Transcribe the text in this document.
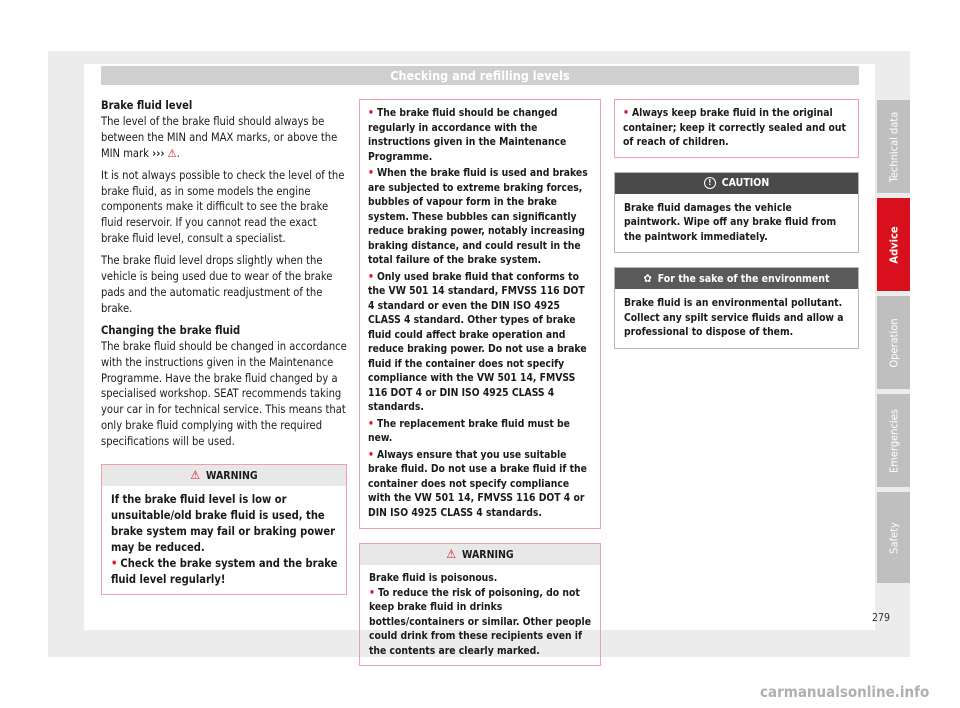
Checking and refilling levels
Brake fluid level

The level of the brake fluid should always be between the MIN and MAX marks, or above the MIN mark ››› ⚠.

It is not always possible to check the level of the brake fluid, as in some models the engine components make it difficult to see the brake fluid reservoir. If you cannot read the exact brake fluid level, consult a specialist.

The brake fluid level drops slightly when the vehicle is being used due to wear of the brake pads and the automatic readjustment of the brake.

Changing the brake fluid

The brake fluid should be changed in accordance with the instructions given in the Maintenance Programme. Have the brake fluid changed by a specialised workshop. SEAT recommends taking your car in for technical service. This means that only brake fluid complying with the required specifications will be used.

⚠ WARNING

If the brake fluid level is low or unsuitable/old brake fluid is used, the brake system may fail or braking power may be reduced.

• Check the brake system and the brake fluid level regularly!

• The brake fluid should be changed regularly in accordance with the instructions given in the Maintenance Programme.

• When the brake fluid is used and brakes are subjected to extreme braking forces, bubbles of vapour form in the brake system. These bubbles can significantly reduce braking power, notably increasing braking distance, and could result in the total failure of the brake system.

• Only used brake fluid that conforms to the VW 501 14 standard, FMVSS 116 DOT 4 standard or even the DIN ISO 4925 CLASS 4 standard. Other types of brake fluid could affect brake operation and reduce braking power. Do not use a brake fluid if the container does not specify compliance with the VW 501 14, FMVSS 116 DOT 4 or DIN ISO 4925 CLASS 4 standards.

• The replacement brake fluid must be new.

• Always ensure that you use suitable brake fluid. Do not use a brake fluid if the container does not specify compliance with the VW 501 14, FMVSS 116 DOT 4 or DIN ISO 4925 CLASS 4 standards.

⚠ WARNING

Brake fluid is poisonous.

• To reduce the risk of poisoning, do not keep brake fluid in drinks bottles/containers or similar. Other people could drink from these recipients even if the contents are clearly marked.

• Always keep brake fluid in the original container; keep it correctly sealed and out of reach of children.

! CAUTION

Brake fluid damages the vehicle paintwork. Wipe off any brake fluid from the paintwork immediately.

✿ For the sake of the environment

Brake fluid is an environmental pollutant. Collect any spilt service fluids and allow a professional to dispose of them.

Technical data
Advice
Operation
Emergencies
Safety
279
carmanualsonline.info
